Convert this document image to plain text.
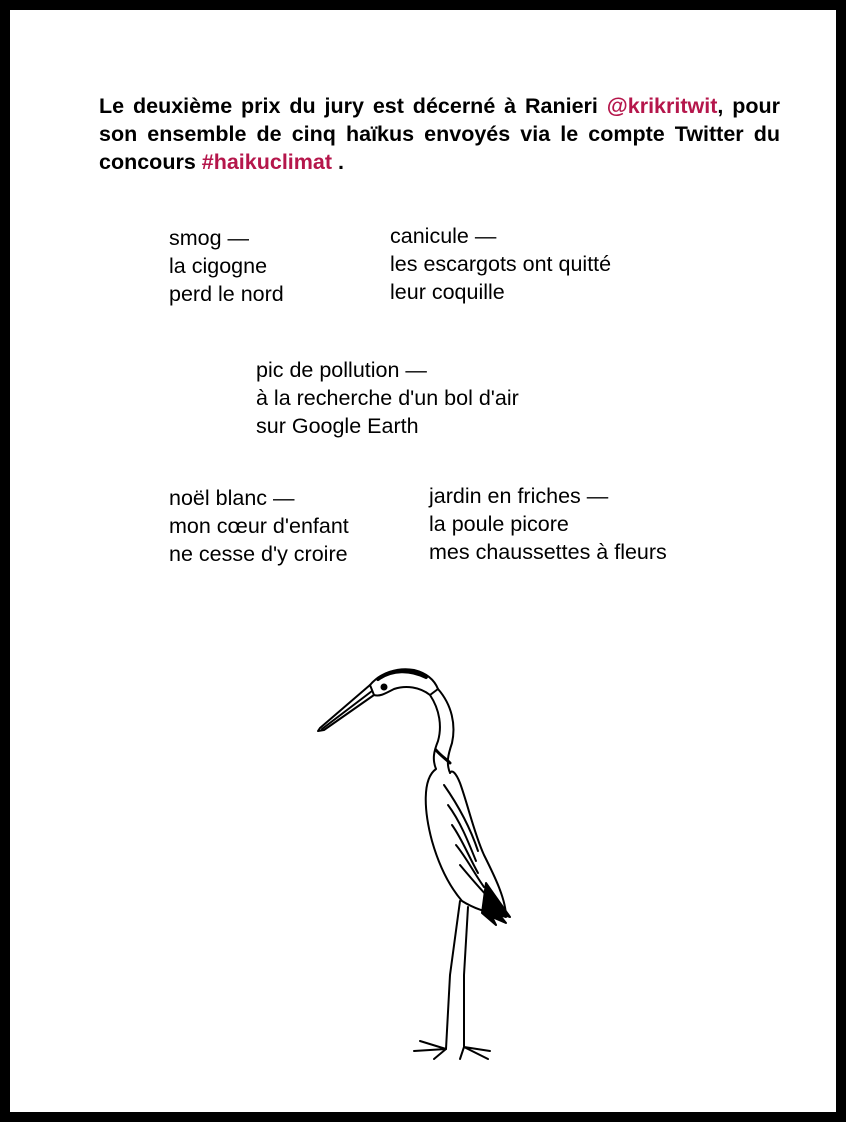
Le deuxième prix du jury est décerné à Ranieri @krikritwit, pour son ensemble de cinq haïkus envoyés via le compte Twitter du concours #haikuclimat .

smog —
la cigogne
perd le nord
canicule —
les escargots ont quitté
leur coquille
pic de pollution —
à la recherche d'un bol d'air
sur Google Earth
noël blanc —
mon cœur d'enfant
ne cesse d'y croire
jardin en friches —
la poule picore
mes chaussettes à fleurs
